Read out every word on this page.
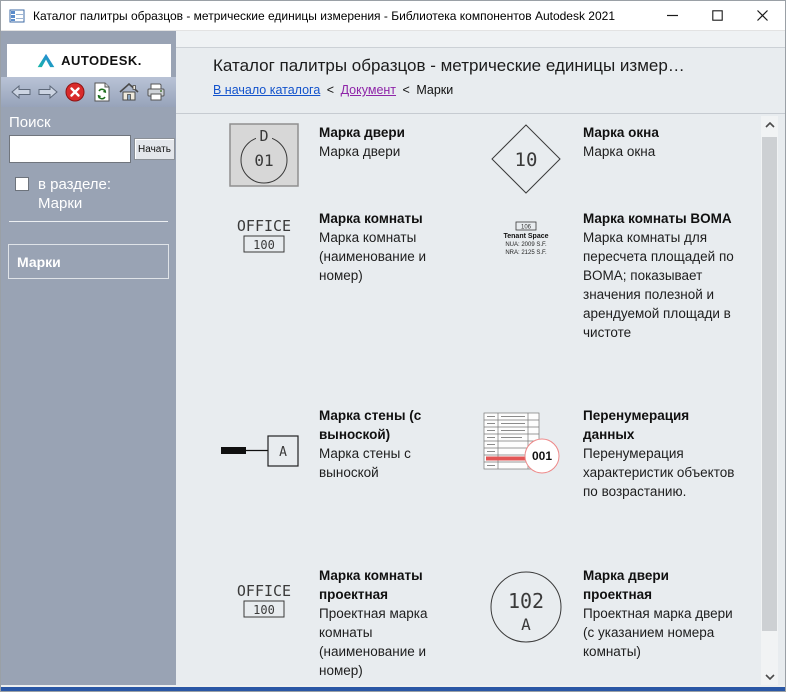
Каталог палитры образцов - метрические единицы измерения - Библиотека компонентов Autodesk 2021
AUTODESK.
Поиск
Начать
в разделе:
Марки
Марки
Каталог палитры образцов - метрические единицы измер…
В начало каталога < Документ < Марки
D
01
Марка двери
Марка двери	10
Марка окна
Марка окна
OFFICE
100
Марка комнаты
Марка комнаты (наименование и номер)
106
Tenant Space
NUA: 2009 S.F.
NRA: 2125 S.F.
Марка комнаты BOMA
Марка комнаты для пересчета площадей по BOMA; показывает значения полезной и арендуемой площади в чистоте
A
Марка стены (с выноской)
Марка стены с выноской
001
Перенумерация данных
Перенумерация характеристик объектов по возрастанию.
OFFICE
100
Марка комнаты проектная
Проектная марка комнаты (наименование и номер)
102
A
Марка двери проектная
Проектная марка двери (с указанием номера комнаты)
